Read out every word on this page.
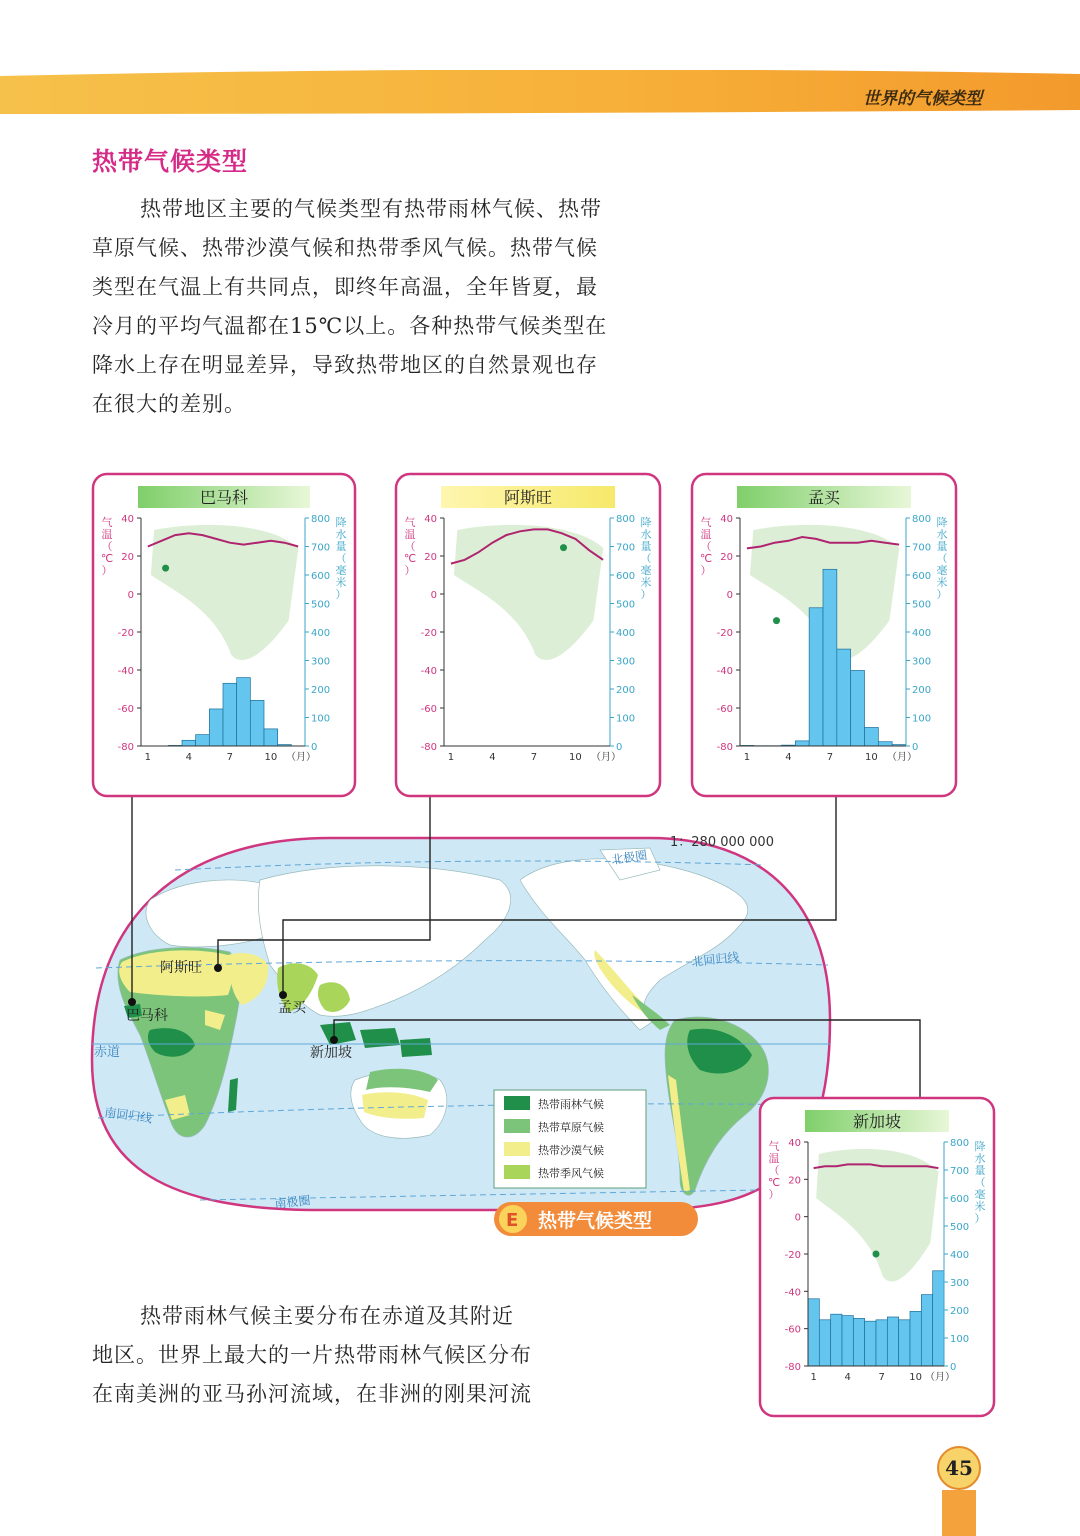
世界的气候类型
热带气候类型

热带地区主要的气候类型有热带雨林气候、热带

草原气候、热带沙漠气候和热带季风气候。热带气候

类型在气温上有共同点，即终年高温，全年皆夏，最

冷月的平均气温都在15℃以上。各种热带气候类型在

降水上存在明显差异，导致热带地区的自然景观也存

在很大的差别。

北极圈
北回归线
赤道
南回归线
南极圈
1：280 000 000
阿斯旺
巴马科	孟买
新加坡
热带雨林气候
热带草原气候
热带沙漠气候
热带季风气候
E 热带气候类型
巴马科
40
20
0
-20
-40
-60
-80
800
700
600
500
400
300
200
100
0
1	4	7	10 （月）
气
温
（
℃
）
降
水
量
（
毫
米
）
阿斯旺
40
20
0
-20
-40
-60
-80
800
700
600
500
400
300
200
100
0
1	4	7	10 （月）
气
温
（
℃
）
降
水
量
（
毫
米
）
孟买
40
20
0
-20
-40
-60
-80
800
700
600
500
400
300
200
100
0
1	4	7	10 （月）
气
温
（
℃
）
降
水
量
（
毫
米
）
新加坡
40
20
0
-20
-40
-60
-80
800
700
600
500
400
300
200
100
0
1	4	7 10 （月）
气
温
（
℃
）
降
水
量
（
毫
米
）

热带雨林气候主要分布在赤道及其附近

地区。世界上最大的一片热带雨林气候区分布

在南美洲的亚马孙河流域，在非洲的刚果河流

45
